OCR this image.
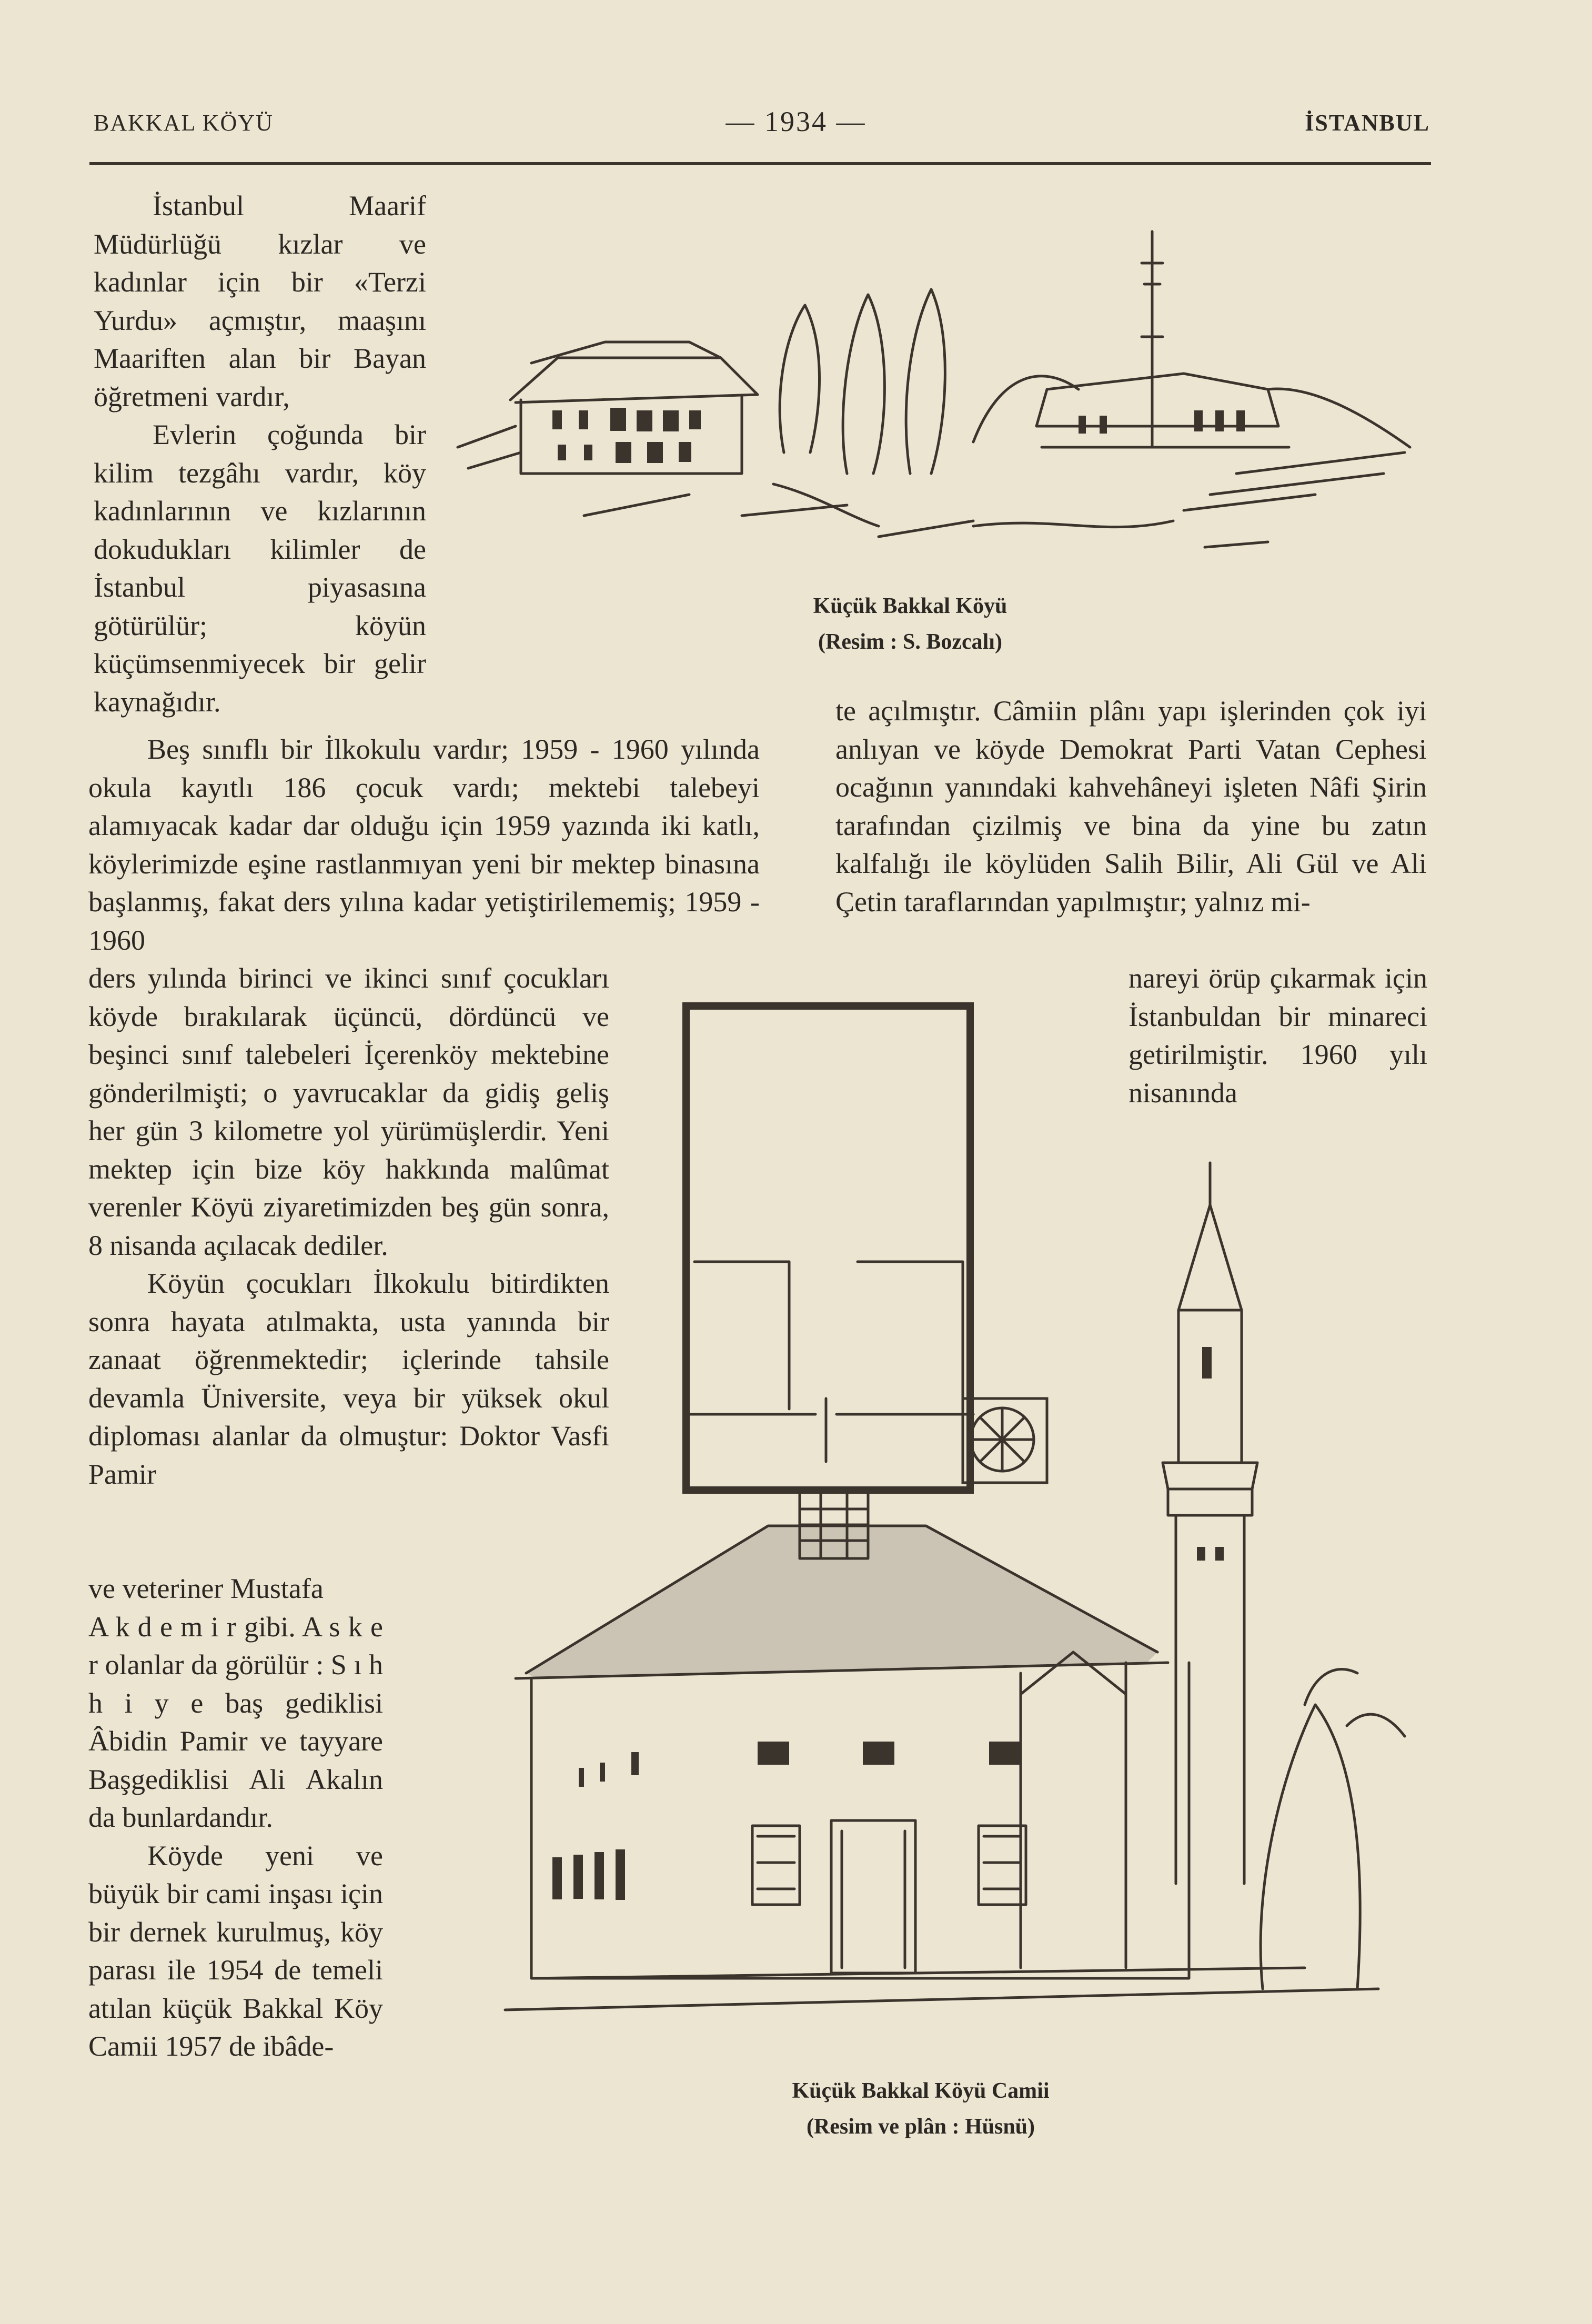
BAKKAL KÖYÜ	— 1934 —	İSTANBUL

İstanbul Maarif Müdürlüğü kızlar ve kadınlar için bir «Terzi Yurdu» açmıştır, maaşını Maariften alan bir Bayan öğretmeni vardır,

Evlerin çoğunda bir kilim tezgâhı vardır, köy kadınlarının ve kızlarının dokudukları kilimler de İstanbul piyasasına götürülür; köyün küçümsenmiyecek bir gelir kaynağıdır.

Beş sınıflı bir İlkokulu vardır; 1959 - 1960 yılında okula kayıtlı 186 çocuk vardı; mektebi talebeyi alamıyacak kadar dar olduğu için 1959 yazında iki katlı, köylerimizde eşine rastlanmıyan yeni bir mektep binasına başlanmış, fakat ders yılına kadar yetiştirilememiş; 1959 - 1960

ders yılında birinci ve ikinci sınıf çocukları köyde bırakılarak üçüncü, dördüncü ve beşinci sınıf talebeleri İçerenköy mektebine gönderilmişti; o yavrucaklar da gidiş geliş her gün 3 kilometre yol yürümüşlerdir. Yeni mektep için bize köy hakkında malûmat verenler Köyü ziyaretimizden beş gün sonra, 8 nisanda açılacak dediler.

Köyün çocukları İlkokulu bitirdikten sonra hayata atılmakta, usta yanında bir zanaat öğrenmektedir; içlerinde tahsile devamla Üniversite, veya bir yüksek okul diploması alanlar da olmuştur: Doktor Vasfi Pamir

ve veteriner Mustafa

A k d e m i r gibi. A s k e r olanlar da görülür : S ı h h i y e baş gediklisi Âbidin Pamir ve tayyare Başgediklisi Ali Akalın da bunlardandır.

Köyde yeni ve büyük bir cami inşası için bir dernek kurulmuş, köy parası ile 1954 de temeli atılan küçük Bakkal Köy Camii 1957 de ibâde-

te açılmıştır. Câmiin plânı yapı işlerinden çok iyi anlıyan ve köyde Demokrat Parti Vatan Cephesi ocağının yanındaki kahvehâneyi işleten Nâfi Şirin tarafından çizilmiş ve bina da yine bu zatın kalfalığı ile köylüden Salih Bilir, Ali Gül ve Ali Çetin taraflarından yapılmıştır; yalnız mi-

nareyi örüp çıkarmak için İstanbuldan bir minareci getirilmiştir. 1960 yılı nisanında

Küçük Bakkal Köyü
(Resim : S. Bozcalı)
Küçük Bakkal Köyü Camii
(Resim ve plân : Hüsnü)
